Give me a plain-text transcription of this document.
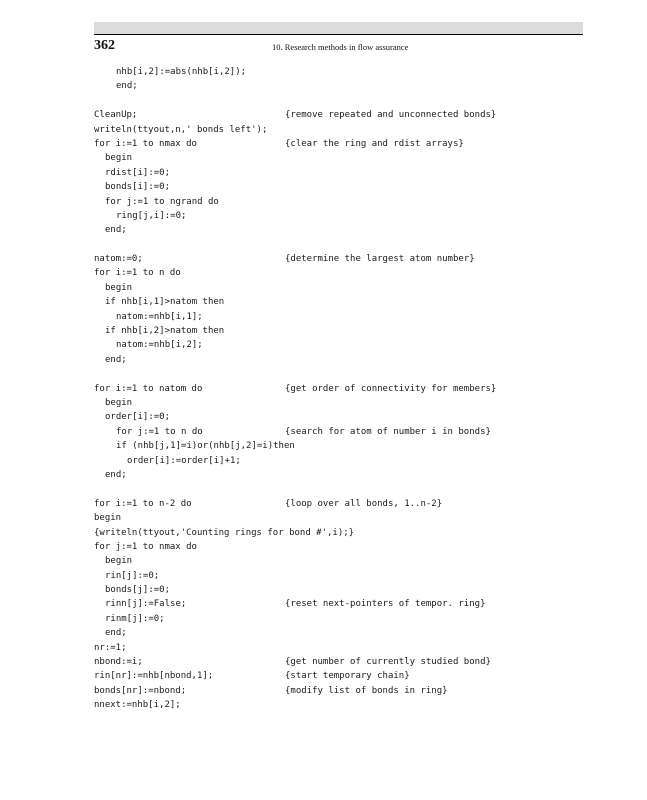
362	10. Research methods in flow assurance
nhb[i,2]:=abs(nhb[i,2]);
end;
CleanUp;	{remove repeated and unconnected bonds}
writeln(ttyout,n,' bonds left');
for i:=1 to nmax do	{clear the ring and rdist arrays}
begin
rdist[i]:=0;
bonds[i]:=0;
for j:=1 to ngrand do
ring[j,i]:=0;
end;
natom:=0;	{determine the largest atom number}
for i:=1 to n do
begin
if nhb[i,1]>natom then
natom:=nhb[i,1];
if nhb[i,2]>natom then
natom:=nhb[i,2];
end;
for i:=1 to natom do	{get order of connectivity for members}
begin
order[i]:=0;
for j:=1 to n do	{search for atom of number i in bonds}
if (nhb[j,1]=i)or(nhb[j,2]=i)then
order[i]:=order[i]+1;
end;
for i:=1 to n-2 do	{loop over all bonds, 1..n-2}
begin
{writeln(ttyout,'Counting rings for bond #',i);}
for j:=1 to nmax do
begin
rin[j]:=0;
bonds[j]:=0;
rinn[j]:=False;	{reset next-pointers of tempor. ring}
rinm[j]:=0;
end;
nr:=1;
nbond:=i;	{get number of currently studied bond}
rin[nr]:=nhb[nbond,1];	{start temporary chain}
bonds[nr]:=nbond;	{modify list of bonds in ring}
nnext:=nhb[i,2];
